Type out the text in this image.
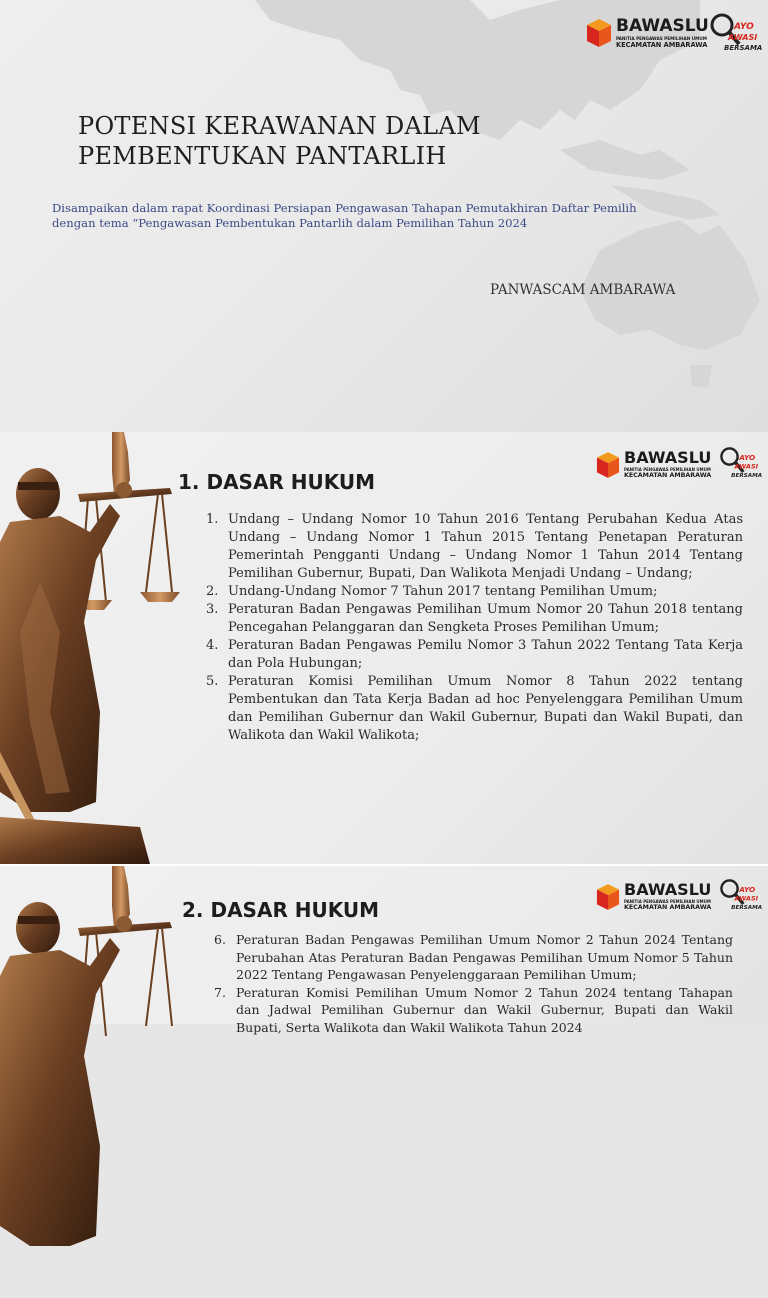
BAWASLU
PANITIA PENGAWAS PEMILIHAN UMUM
KECAMATAN AMBARAWA
AYO
AWASI
BERSAMA
POTENSI KERAWANAN DALAM
PEMBENTUKAN PANTARLIH

Disampaikan dalam rapat Koordinasi Persiapan Pengawasan Tahapan Pemutakhiran Daftar Pemilih
dengan tema “Pengawasan Pembentukan Pantarlih dalam Pemilihan Tahun 2024

PANWASCAM AMBARAWA

BAWASLU
PANITIA PENGAWAS PEMILIHAN UMUM
KECAMATAN AMBARAWA
AYO
AWASI
BERSAMA
1. DASAR HUKUM
1. Undang – Undang Nomor 10 Tahun 2016 Tentang Perubahan Kedua Atas Undang – Undang Nomor 1 Tahun 2015 Tentang Penetapan Peraturan Pemerintah Pengganti Undang – Undang Nomor 1 Tahun 2014 Tentang Pemilihan Gubernur, Bupati, Dan Walikota Menjadi Undang – Undang;
2. Undang-Undang Nomor 7 Tahun 2017 tentang Pemilihan Umum;
3. Peraturan Badan Pengawas Pemilihan Umum Nomor 20 Tahun 2018 tentang Pencegahan Pelanggaran dan Sengketa Proses Pemilihan Umum;
4. Peraturan Badan Pengawas Pemilu Nomor 3 Tahun 2022 Tentang Tata Kerja dan Pola Hubungan;
5. Peraturan Komisi Pemilihan Umum Nomor 8 Tahun 2022 tentang Pembentukan dan Tata Kerja Badan ad hoc Penyelenggara Pemilihan Umum dan Pemilihan Gubernur dan Wakil Gubernur, Bupati dan Wakil Bupati, dan Walikota dan Wakil Walikota;
BAWASLU
PANITIA PENGAWAS PEMILIHAN UMUM
KECAMATAN AMBARAWA
AYO
AWASI
BERSAMA
2. DASAR HUKUM
6. Peraturan Badan Pengawas Pemilihan Umum Nomor 2 Tahun 2024 Tentang Perubahan Atas Peraturan Badan Pengawas Pemilihan Umum Nomor 5 Tahun 2022 Tentang Pengawasan Penyelenggaraan Pemilihan Umum;
7. Peraturan Komisi Pemilihan Umum Nomor 2 Tahun 2024 tentang Tahapan dan Jadwal Pemilihan Gubernur dan Wakil Gubernur, Bupati dan Wakil Bupati, Serta Walikota dan Wakil Walikota Tahun 2024
